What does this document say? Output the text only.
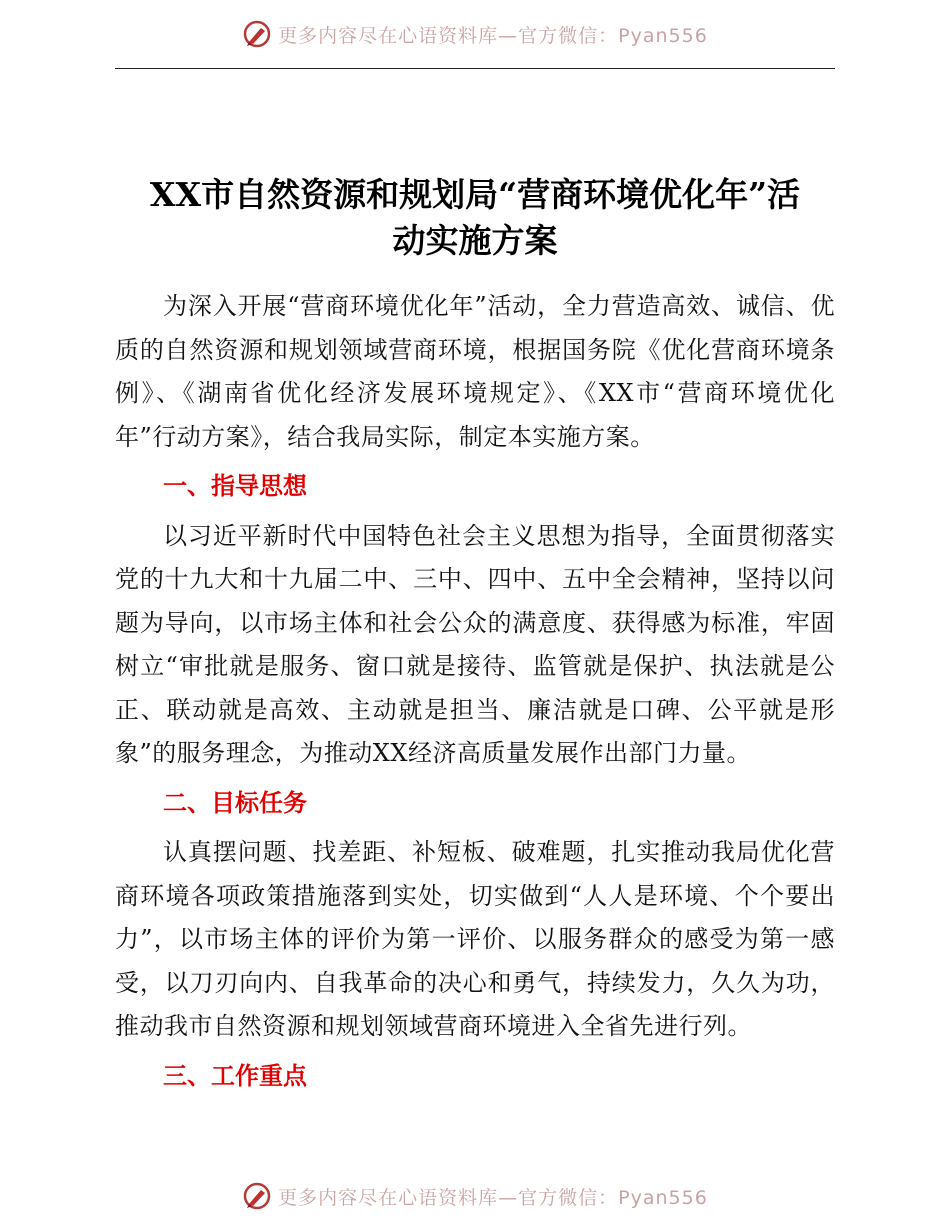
更多内容尽在心语资料库—官方微信：Pyan556
XX市自然资源和规划局“营商环境优化年”活
动实施方案

为深入开展“营商环境优化年”活动，全力营造高效、诚信、优质的自然资源和规划领域营商环境，根据国务院《优化营商环境条例》、《湖南省优化经济发展环境规定》、《XX市“营商环境优化年”行动方案》，结合我局实际，制定本实施方案。

一、指导思想

以习近平新时代中国特色社会主义思想为指导，全面贯彻落实党的十九大和十九届二中、三中、四中、五中全会精神，坚持以问题为导向，以市场主体和社会公众的满意度、获得感为标准，牢固树立“审批就是服务、窗口就是接待、监管就是保护、执法就是公正、联动就是高效、主动就是担当、廉洁就是口碑、公平就是形象”的服务理念，为推动XX经济高质量发展作出部门力量。

二、目标任务

认真摆问题、找差距、补短板、破难题，扎实推动我局优化营商环境各项政策措施落到实处，切实做到“人人是环境、个个要出力”，以市场主体的评价为第一评价、以服务群众的感受为第一感受，以刀刃向内、自我革命的决心和勇气，持续发力，久久为功，推动我市自然资源和规划领域营商环境进入全省先进行列。

三、工作重点

更多内容尽在心语资料库—官方微信：Pyan556
